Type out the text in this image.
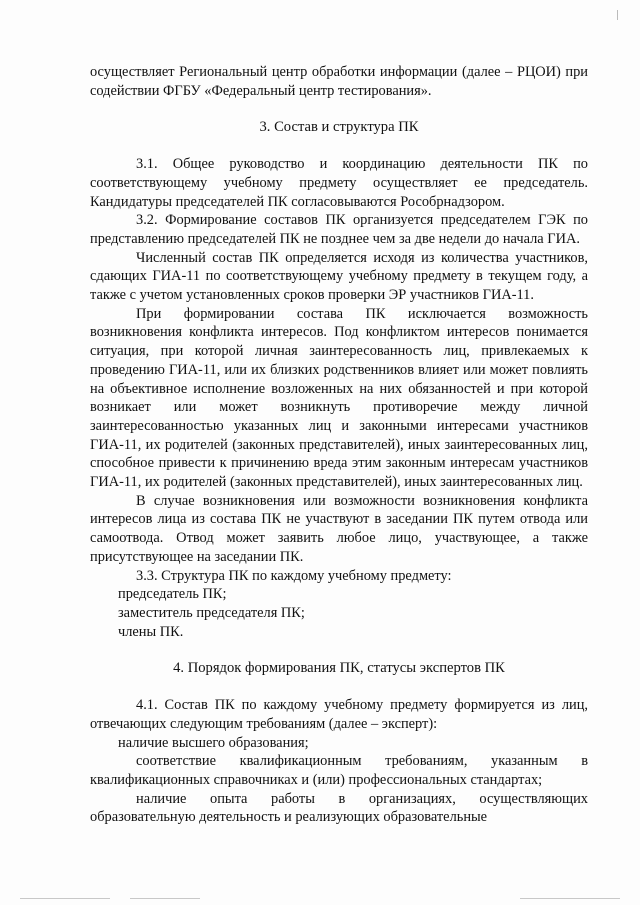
осуществляет Региональный центр обработки информации (далее – РЦОИ) при содействии ФГБУ «Федеральный центр тестирования».

3. Состав и структура ПК

3.1. Общее руководство и координацию деятельности ПК по соответствующему учебному предмету осуществляет ее председатель. Кандидатуры председателей ПК согласовываются Рособрнадзором.

3.2. Формирование составов ПК организуется председателем ГЭК по представлению председателей ПК не позднее чем за две недели до начала ГИА.

Численный состав ПК определяется исходя из количества участников, сдающих ГИА-11 по соответствующему учебному предмету в текущем году, а также с учетом установленных сроков проверки ЭР участников ГИА-11.

При формировании состава ПК исключается возможность возникновения конфликта интересов. Под конфликтом интересов понимается ситуация, при которой личная заинтересованность лиц, привлекаемых к проведению ГИА-11, или их близких родственников влияет или может повлиять на объективное исполнение возложенных на них обязанностей и при которой возникает или может возникнуть противоречие между личной заинтересованностью указанных лиц и законными интересами участников ГИА-11, их родителей (законных представителей), иных заинтересованных лиц, способное привести к причинению вреда этим законным интересам участников ГИА-11, их родителей (законных представителей), иных заинтересованных лиц.

В случае возникновения или возможности возникновения конфликта интересов лица из состава ПК не участвуют в заседании ПК путем отвода или самоотвода. Отвод может заявить любое лицо, участвующее, а также присутствующее на заседании ПК.

3.3. Структура ПК по каждому учебному предмету:

председатель ПК;

заместитель председателя ПК;

члены ПК.

4. Порядок формирования ПК, статусы экспертов ПК

4.1. Состав ПК по каждому учебному предмету формируется из лиц, отвечающих следующим требованиям (далее – эксперт):

наличие высшего образования;

соответствие квалификационным требованиям, указанным в квалификационных справочниках и (или) профессиональных стандартах;

наличие опыта работы в организациях, осуществляющих образовательную деятельность и реализующих образовательные
